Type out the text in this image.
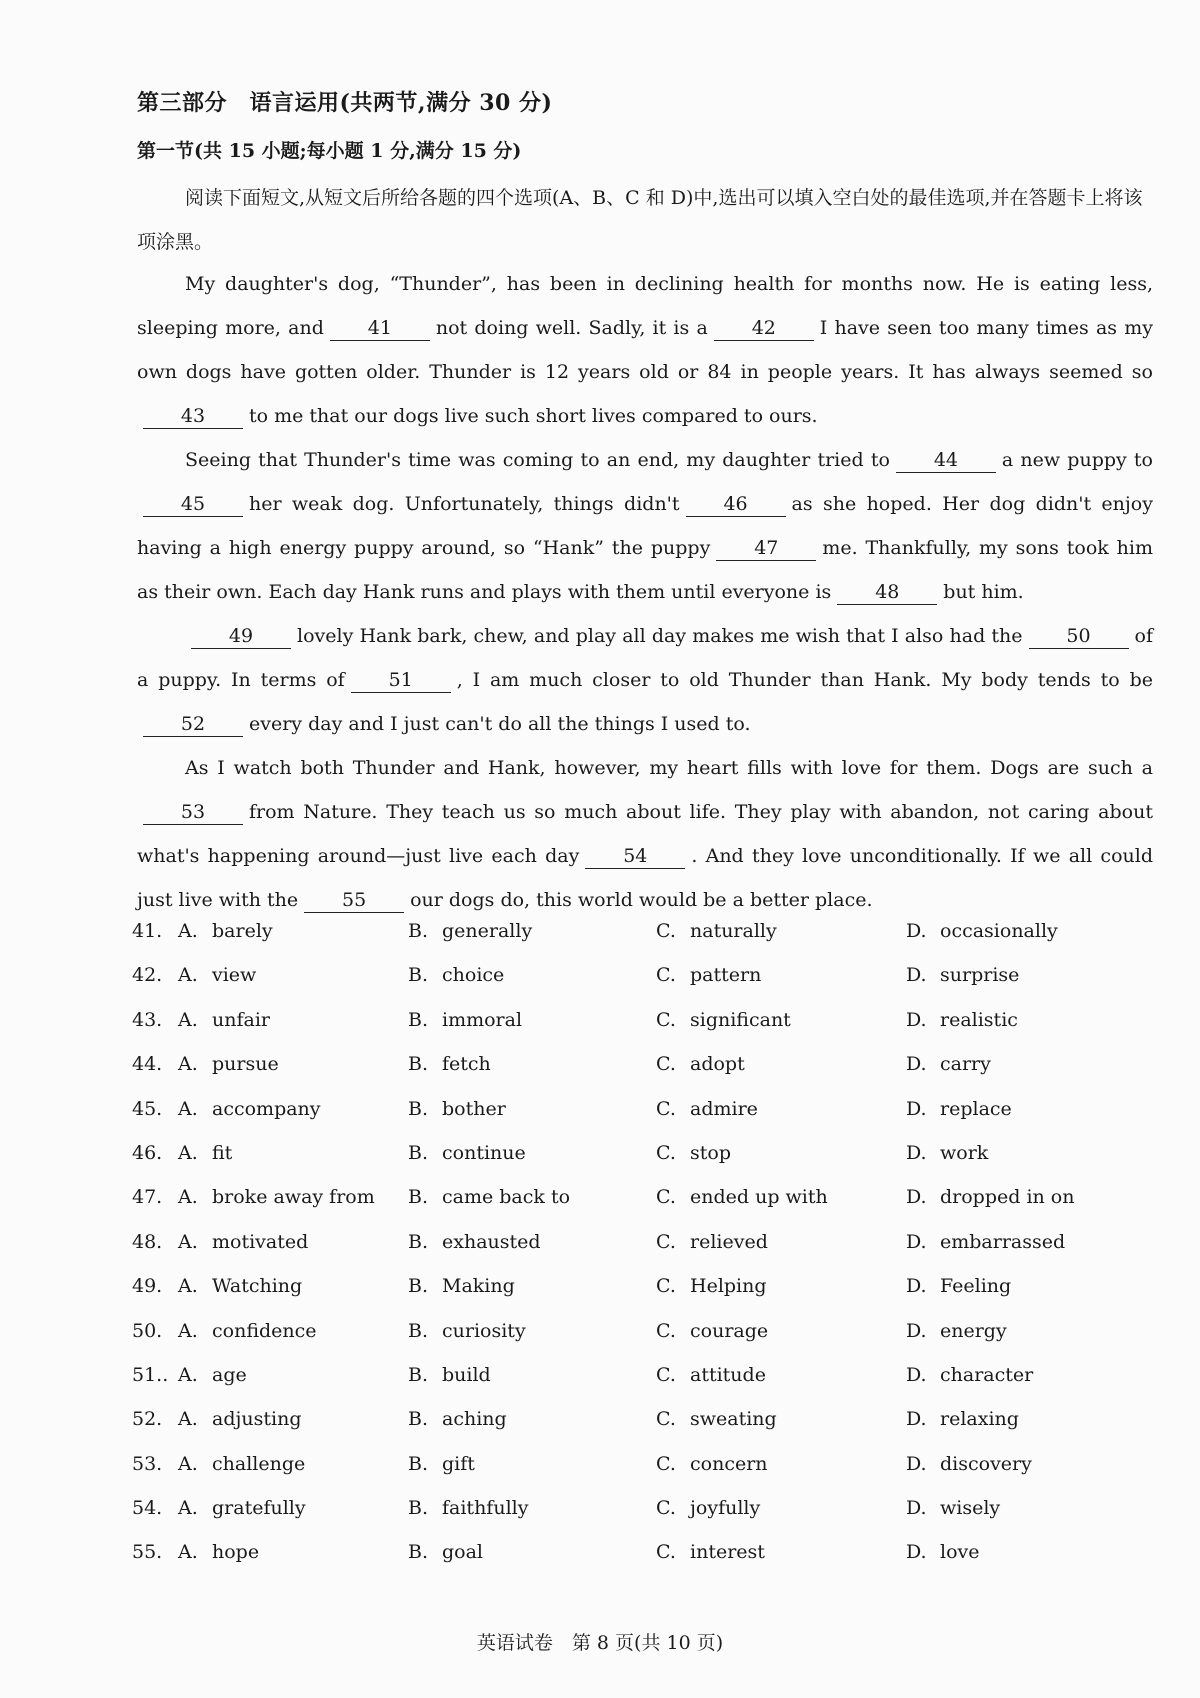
第三部分　语言运用(共两节,满分 30 分)
第一节(共 15 小题;每小题 1 分,满分 15 分)
阅读下面短文,从短文后所给各题的四个选项(A、B、C 和 D)中,选出可以填入空白处的最佳选项,并在答题卡上将该项涂黑。

My daughter's dog, “Thunder”, has been in declining health for months now. He is eating less, sleeping more, and 41 not doing well. Sadly, it is a 42 I have seen too many times as my own dogs have gotten older. Thunder is 12 years old or 84 in people years. It has always seemed so43 to me that our dogs live such short lives compared to ours.

Seeing that Thunder's time was coming to an end, my daughter tried to 44 a new puppy to45 her weak dog. Unfortunately, things didn't 46 as she hoped. Her dog didn't enjoy having a high energy puppy around, so “Hank” the puppy 47 me. Thankfully, my sons took him as their own. Each day Hank runs and plays with them until everyone is 48 but him.

49 lovely Hank bark, chew, and play all day makes me wish that I also had the 50 of a puppy. In terms of 51 , I am much closer to old Thunder than Hank. My body tends to be52 every day and I just can't do all the things I used to.

As I watch both Thunder and Hank, however, my heart fills with love for them. Dogs are such a53 from Nature. They teach us so much about life. They play with abandon, not caring about what's happening around—just live each day 54 . And they love unconditionally. If we all could just live with the 55 our dogs do, this world would be a better place.

41. A. barely	B. generally	C. naturally	D. occasionally
42. A. view	B. choice	C. pattern	D. surprise
43. A. unfair	B. immoral	C. significant	D. realistic
44. A. pursue	B. fetch	C. adopt	D. carry
45. A. accompany	B. bother	C. admire	D. replace
46. A. fit	B. continue	C. stop	D. work
47. A. broke away from B. came back to	C. ended up with	D. dropped in on
48. A. motivated	B. exhausted	C. relieved	D. embarrassed
49. A. Watching	B. Making	C. Helping	D. Feeling
50. A. confidence	B. curiosity	C. courage	D. energy
51.. A. age	B. build	C. attitude	D. character
52. A. adjusting	B. aching	C. sweating	D. relaxing
53. A. challenge	B. gift	C. concern	D. discovery
54. A. gratefully	B. faithfully	C. joyfully	D. wisely
55. A. hope	B. goal	C. interest	D. love
英语试卷　第 8 页(共 10 页)
